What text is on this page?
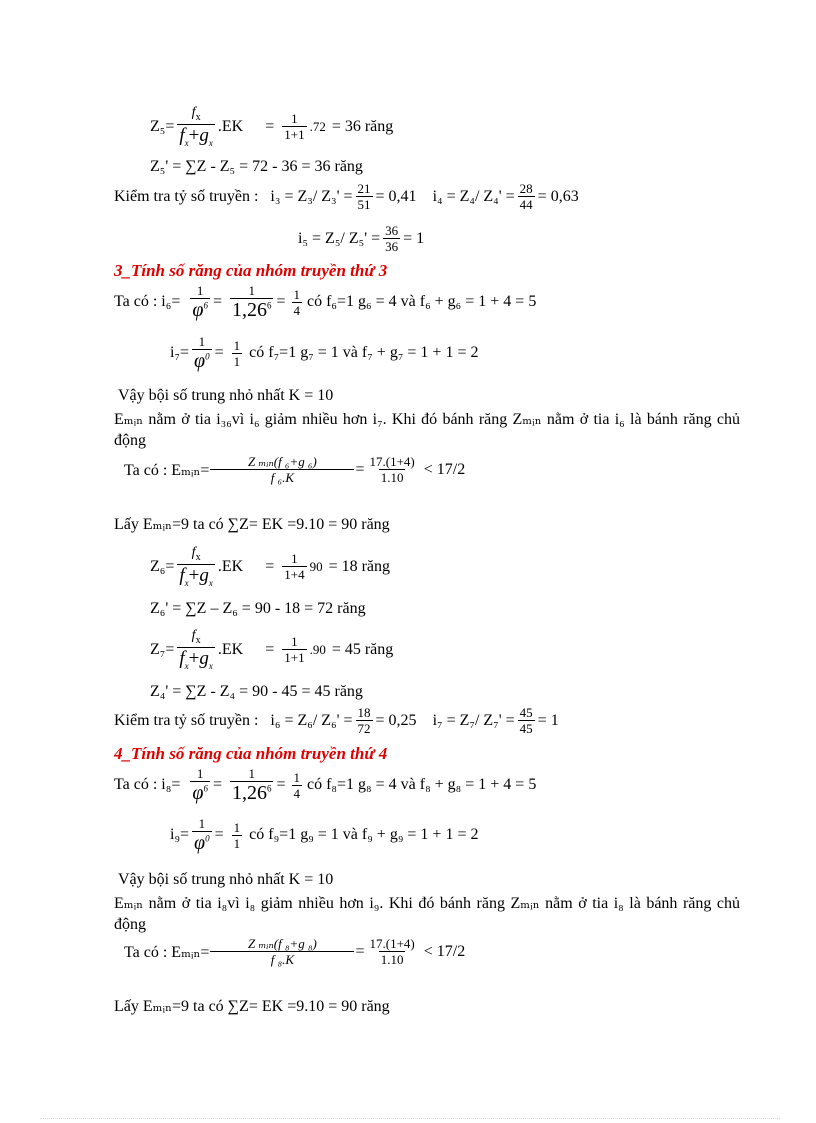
$Z_5= \frac{f_x}{f_x+g_x} .EK = \frac{1}{1+1} .72 = 36$ răng
Z₅' = ∑Z - Z₅ = 72 - 36 = 36 răng
Kiểm tra tỷ số truyền : i₃ = Z₃/ $Z_3' = \frac{21}{51} = 0,41$ i₄ = Z₄/ $Z_4' = \frac{28}{44} = 0,63$
i₅ = Z₅/ $Z_5' = \frac{36}{36} = 1$
3_Tính số răng của nhóm truyền thứ 3
Ta có : $i_6= \frac{1}{\varphi^6} = \frac{1}{1,26^6} = \frac{1}{4}$ có f₆=1 g₆ = 4 và f₆ + g₆ = 1 + 4 = 5
$i_7= \frac{1}{\varphi^0} = \frac{1}{1}$ có f₇=1 g₇ = 1 và f₇ + g₇ = 1 + 1 = 2
Vậy bội số trung nhỏ nhất K = 10
Eₘᵢₙ nằm ở tia i₃₆vì i₆ giảm nhiều hơn i₇. Khi đó bánh răng Zₘᵢₙ nằm ở tia i₆ là bánh răng chủ động
Ta có : Eₘᵢₙ= $\frac{\text{Z ₘᵢₙ(f ₆+g ₆)}}{\text{f ₆.K}} = \frac{17.(1+4)}{1.10} < 17/2$
Lấy Eₘᵢₙ=9 ta có ∑Z= EK =9.10 = 90 răng
$Z_6= \frac{f_x}{f_x+g_x} .EK = \frac{1}{1+4} 90 = 18$ răng
Z₆' = ∑Z – Z₆ = 90 - 18 = 72 răng
$Z_7= \frac{f_x}{f_x+g_x} .EK = \frac{1}{1+1} .90 = 45$ răng
Z₄' = ∑Z - Z₄ = 90 - 45 = 45 răng
Kiểm tra tỷ số truyền : i₆ = Z₆/ $Z_6' = \frac{18}{72} = 0,25$ i₇ = Z₇/ $Z_7' = \frac{45}{45} = 1$
4_Tính số răng của nhóm truyền thứ 4
Ta có : $i_8= \frac{1}{\varphi^6} = \frac{1}{1,26^6} = \frac{1}{4}$ có f₈=1 g₈ = 4 và f₈ + g₈ = 1 + 4 = 5
$i_9= \frac{1}{\varphi^0} = \frac{1}{1}$ có f₉=1 g₉ = 1 và f₉ + g₉ = 1 + 1 = 2
Vậy bội số trung nhỏ nhất K = 10
Eₘᵢₙ nằm ở tia i₈vì i₈ giảm nhiều hơn i₉. Khi đó bánh răng Zₘᵢₙ nằm ở tia i₈ là bánh răng chủ động
Ta có : Eₘᵢₙ= $\frac{\text{Z ₘᵢₙ(f ₈+g ₈)}}{\text{f ₈.K}} = \frac{17.(1+4)}{1.10} < 17/2$
Lấy Eₘᵢₙ=9 ta có ∑Z= EK =9.10 = 90 răng
